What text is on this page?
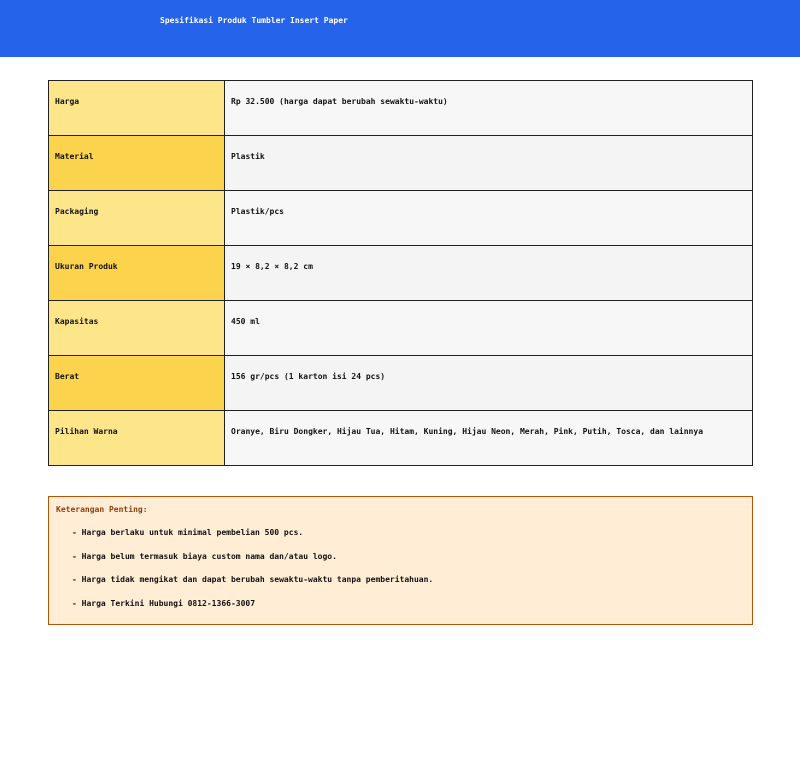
Spesifikasi Produk Tumbler Insert Paper
Harga	Rp 32.500 (harga dapat berubah sewaktu-waktu)
Material	Plastik
Packaging	Plastik/pcs
Ukuran Produk	19 × 8,2 × 8,2 cm
Kapasitas	450 ml
Berat	156 gr/pcs (1 karton isi 24 pcs)
Pilihan Warna	Oranye, Biru Dongker, Hijau Tua, Hitam, Kuning, Hijau Neon, Merah, Pink, Putih, Tosca, dan lainnya
Keterangan Penting:
- Harga berlaku untuk minimal pembelian 500 pcs.
- Harga belum termasuk biaya custom nama dan/atau logo.
- Harga tidak mengikat dan dapat berubah sewaktu-waktu tanpa pemberitahuan.
- Harga Terkini Hubungi 0812-1366-3007
